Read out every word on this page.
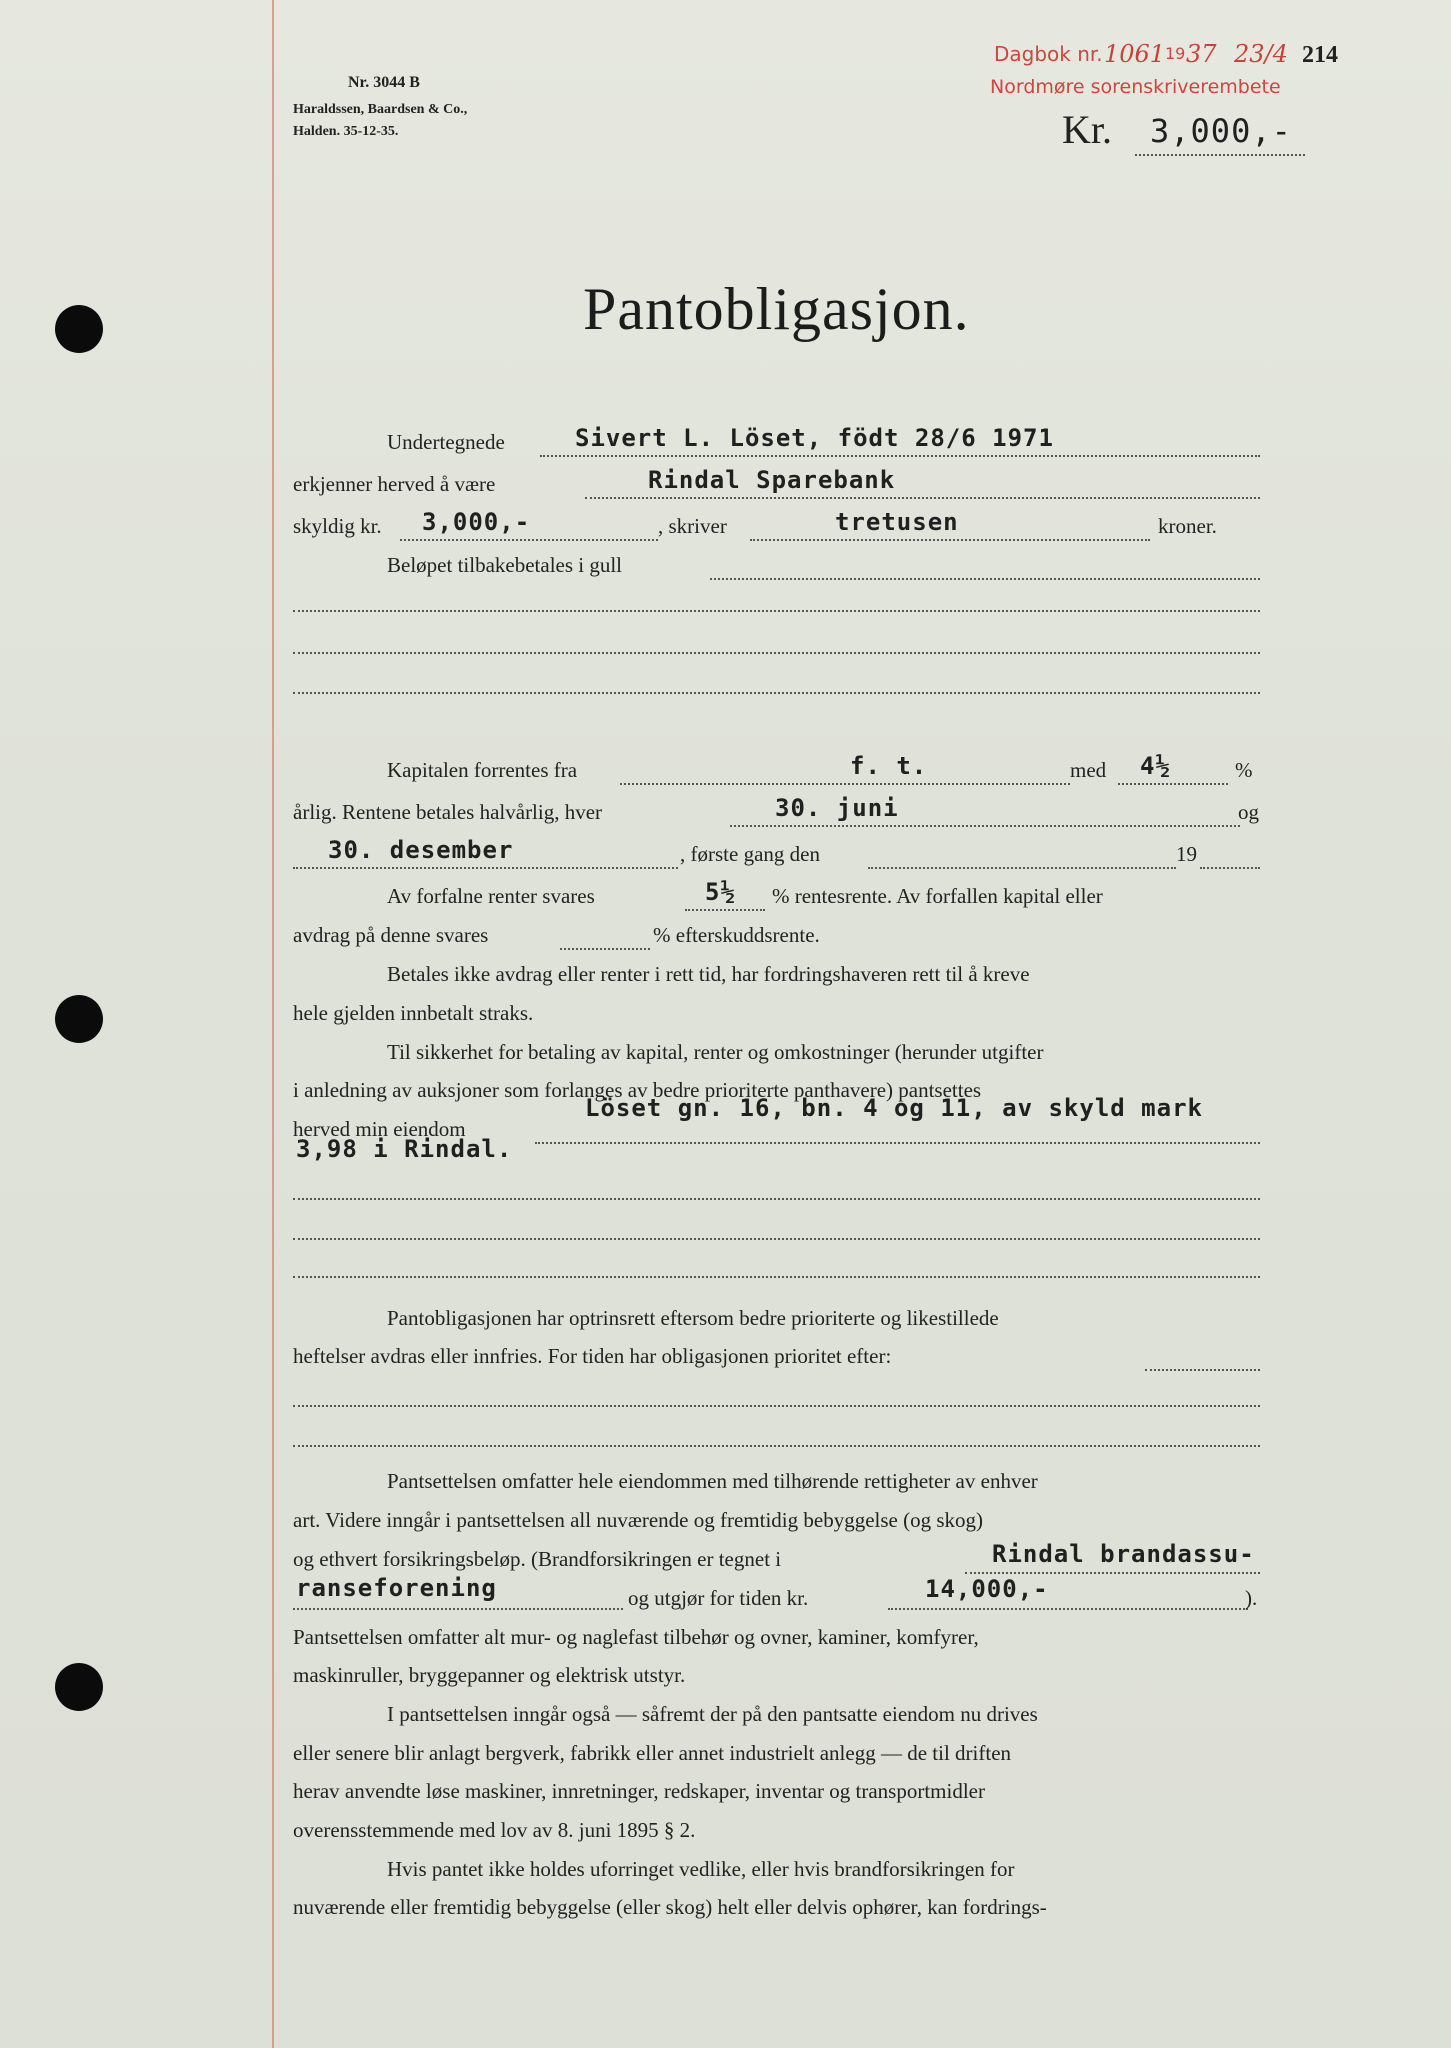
Dagbok nr. 1061 19 37 23/4 214
Nordmøre sorenskriverembete
Nr. 3044 B
Haraldssen, Baardsen & Co.,
Halden. 35-12-35.	Kr. 3,000,-
Pantobligasjon.
Undertegnede	Sivert L. Löset, födt 28/6 1971
erkjenner herved å være	Rindal Sparebank
skyldig kr. 3,000,-	, skriver	tretusen	kroner.
Beløpet tilbakebetales i gull
Kapitalen forrentes fra	f. t.	med 4½	%
årlig. Rentene betales halvårlig, hver	30. juni	og
30. desember	, første gang den	19
Av forfalne renter svares	5½ % rentesrente. Av forfallen kapital eller
avdrag på denne svares	% efterskuddsrente.
Betales ikke avdrag eller renter i rett tid, har fordringshaveren rett til å kreve
hele gjelden innbetalt straks.
Til sikkerhet for betaling av kapital, renter og omkostninger (herunder utgifter
i anledning av auksjoner som forlanges av bedre prioriterte panthavere) pantsettes
herved min eiendom
Löset gn. 16, bn. 4 og 11, av skyld mark
3,98 i Rindal.
Pantobligasjonen har optrinsrett eftersom bedre prioriterte og likestillede
heftelser avdras eller innfries. For tiden har obligasjonen prioritet efter:
Pantsettelsen omfatter hele eiendommen med tilhørende rettigheter av enhver
art. Videre inngår i pantsettelsen all nuværende og fremtidig bebyggelse (og skog)
og ethvert forsikringsbeløp. (Brandforsikringen er tegnet i	Rindal brandassu-
ranseforening	og utgjør for tiden kr.	14,000,-	).
Pantsettelsen omfatter alt mur- og naglefast tilbehør og ovner, kaminer, komfyrer,
maskinruller, bryggepanner og elektrisk utstyr.
I pantsettelsen inngår også — såfremt der på den pantsatte eiendom nu drives
eller senere blir anlagt bergverk, fabrikk eller annet industrielt anlegg — de til driften
herav anvendte løse maskiner, innretninger, redskaper, inventar og transportmidler
overensstemmende med lov av 8. juni 1895 § 2.
Hvis pantet ikke holdes uforringet vedlike, eller hvis brandforsikringen for
nuværende eller fremtidig bebyggelse (eller skog) helt eller delvis ophører, kan fordrings-
